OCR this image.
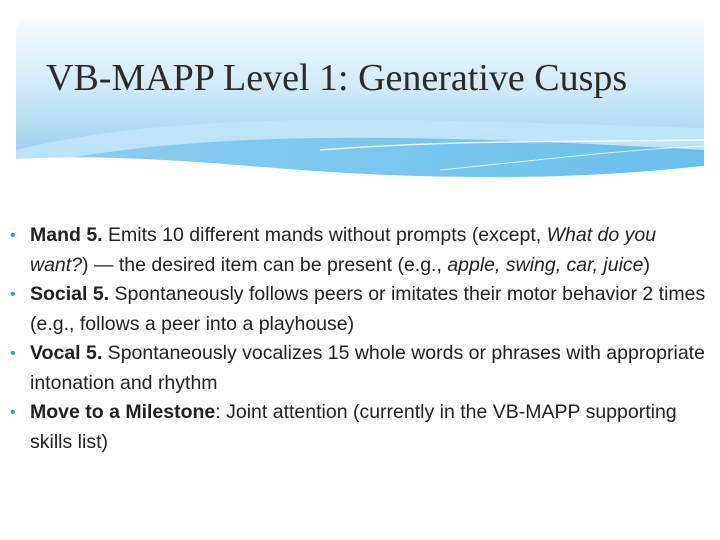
VB-MAPP Level 1: Generative Cusps
• Mand 5. Emits 10 different mands without prompts (except, What do you want?) — the desired item can be present (e.g., apple, swing, car, juice)
• Social 5. Spontaneously follows peers or imitates their motor behavior 2 times (e.g., follows a peer into a playhouse)
• Vocal 5. Spontaneously vocalizes 15 whole words or phrases with appropriate intonation and rhythm
• Move to a Milestone: Joint attention (currently in the VB-MAPP supporting skills list)
